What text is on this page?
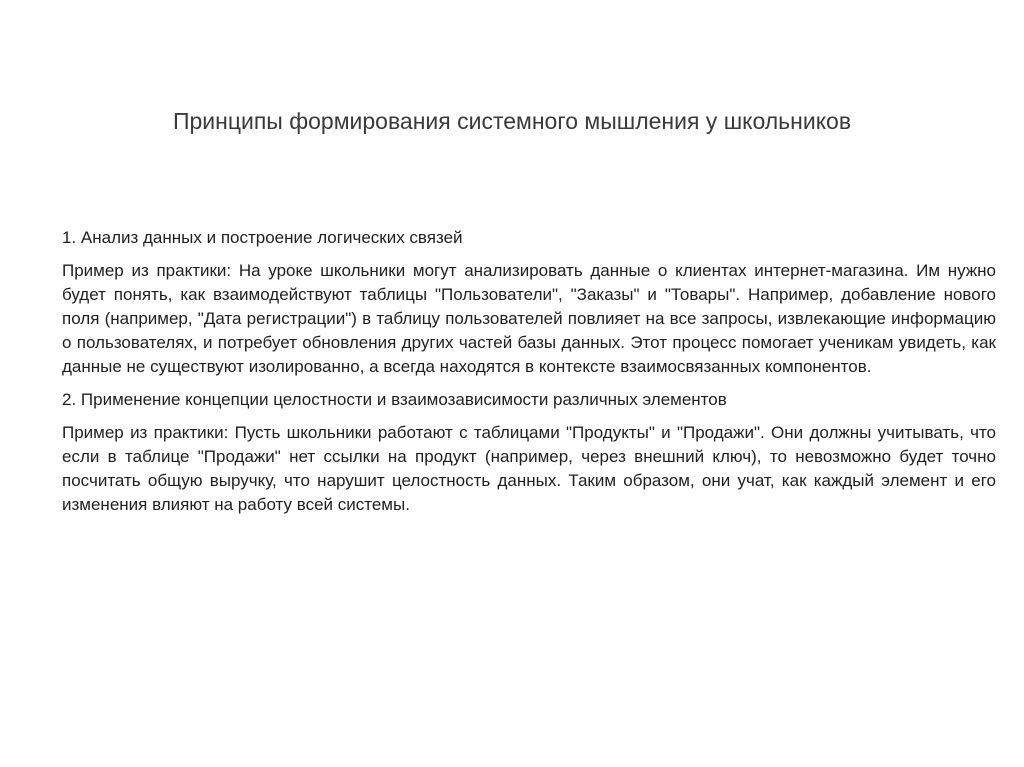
Принципы формирования системного мышления у школьников

1. Анализ данных и построение логических связей

Пример из практики: На уроке школьники могут анализировать данные о клиентах интернет-магазина. Им нужно будет понять, как взаимодействуют таблицы "Пользователи", "Заказы" и "Товары". Например, добавление нового поля (например, "Дата регистрации") в таблицу пользователей повлияет на все запросы, извлекающие информацию о пользователях, и потребует обновления других частей базы данных. Этот процесс помогает ученикам увидеть, как данные не существуют изолированно, а всегда находятся в контексте взаимосвязанных компонентов.

2. Применение концепции целостности и взаимозависимости различных элементов

Пример из практики: Пусть школьники работают с таблицами "Продукты" и "Продажи". Они должны учитывать, что если в таблице "Продажи" нет ссылки на продукт (например, через внешний ключ), то невозможно будет точно посчитать общую выручку, что нарушит целостность данных. Таким образом, они учат, как каждый элемент и его изменения влияют на работу всей системы.
